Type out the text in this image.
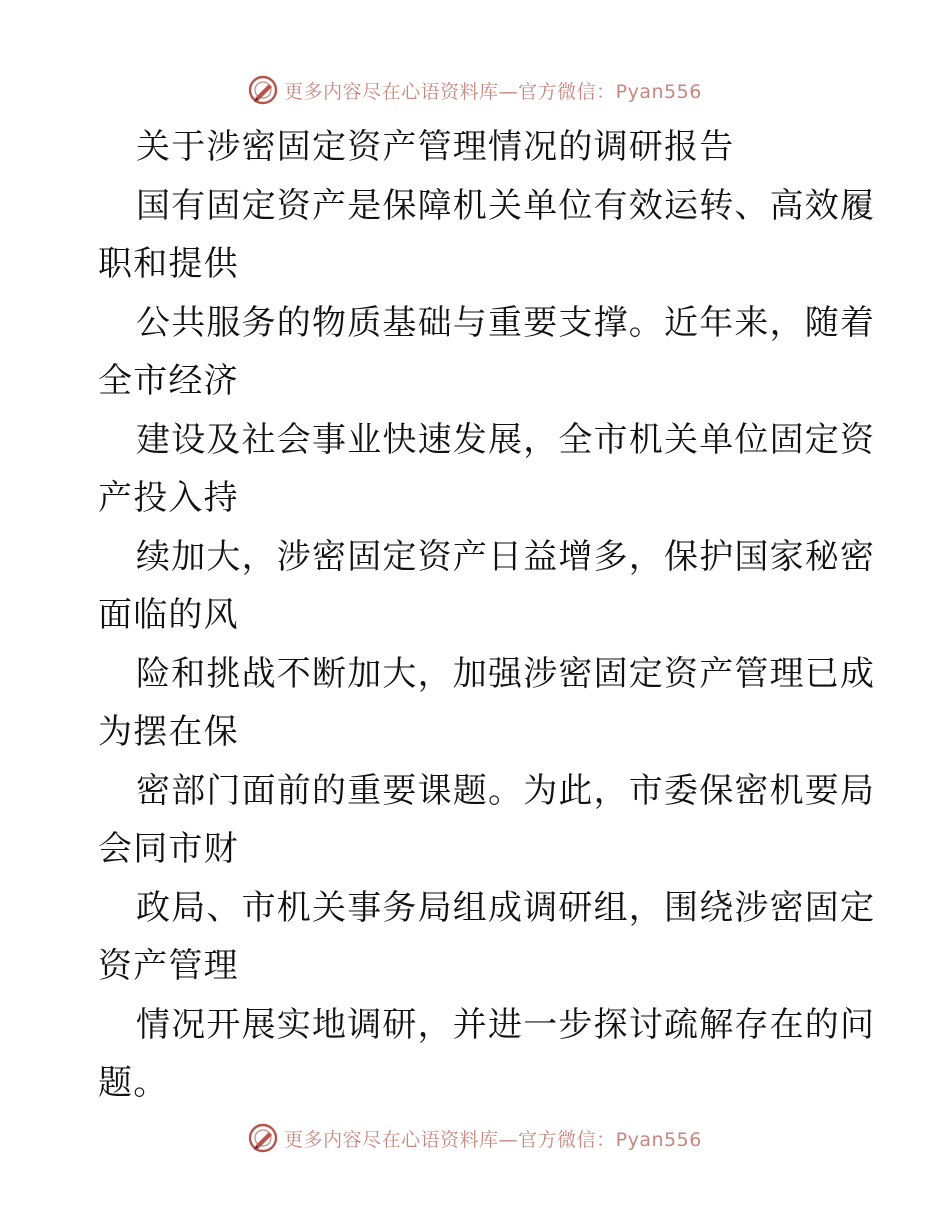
更多内容尽在心语资料库—官方微信：Pyan556
关于涉密固定资产管理情况的调研报告
国有固定资产是保障机关单位有效运转、高效履
职和提供
公共服务的物质基础与重要支撑。近年来，随着
全市经济
建设及社会事业快速发展，全市机关单位固定资
产投入持
续加大，涉密固定资产日益增多，保护国家秘密
面临的风
险和挑战不断加大，加强涉密固定资产管理已成
为摆在保
密部门面前的重要课题。为此，市委保密机要局
会同市财
政局、市机关事务局组成调研组，围绕涉密固定
资产管理
情况开展实地调研，并进一步探讨疏解存在的问
题。
更多内容尽在心语资料库—官方微信：Pyan556
